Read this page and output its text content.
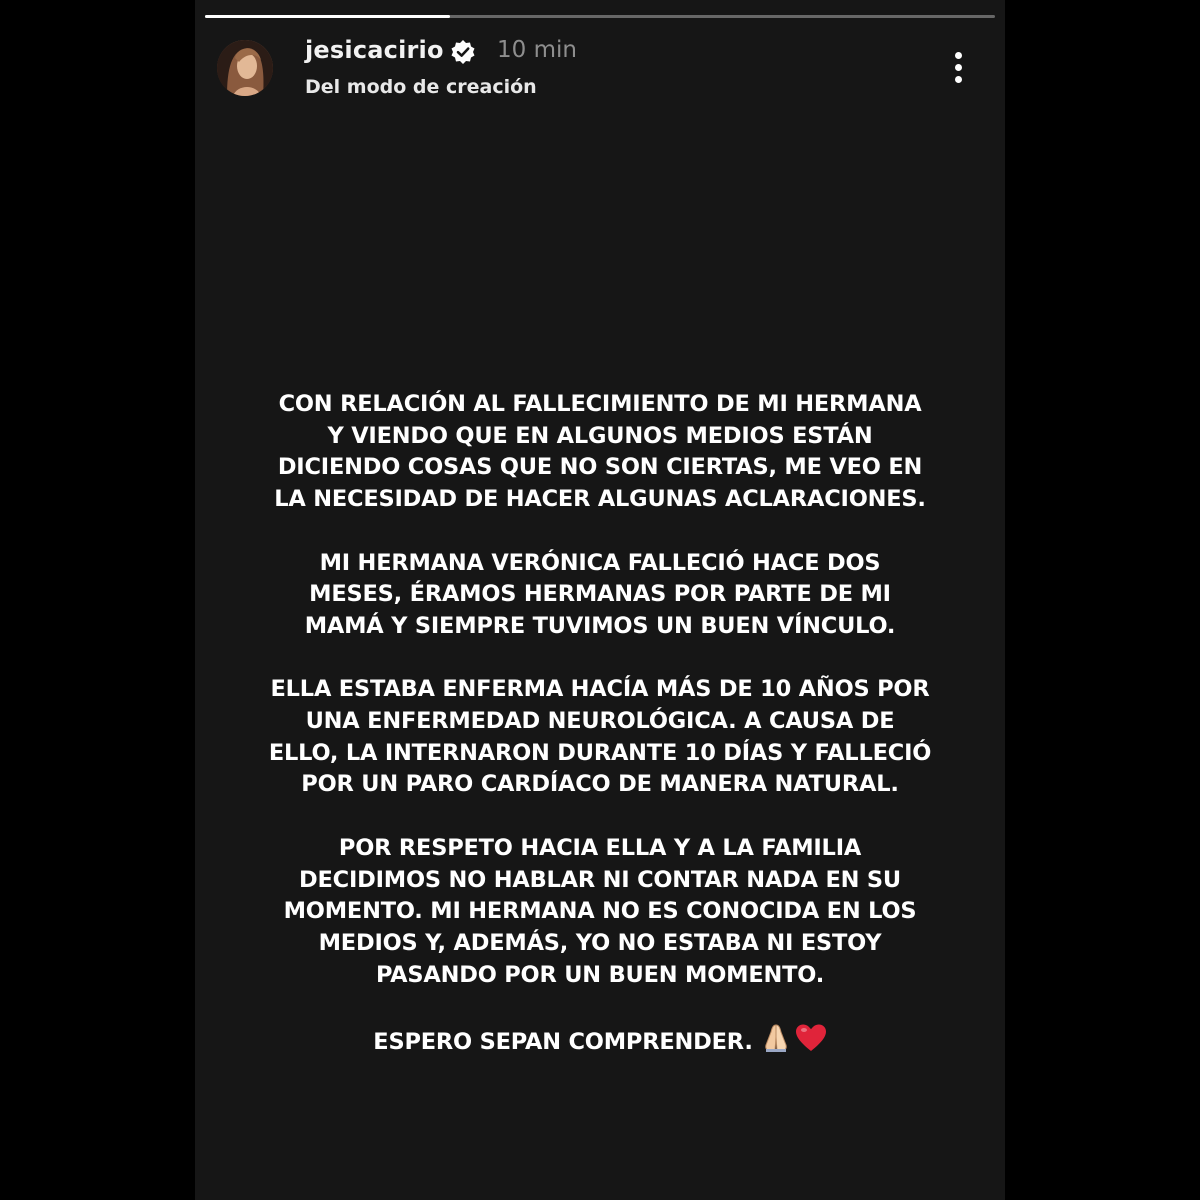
jesicacirio 10 min
Del modo de creación
CON RELACIÓN AL FALLECIMIENTO DE MI HERMANA
Y VIENDO QUE EN ALGUNOS MEDIOS ESTÁN
DICIENDO COSAS QUE NO SON CIERTAS, ME VEO EN
LA NECESIDAD DE HACER ALGUNAS ACLARACIONES.
MI HERMANA VERÓNICA FALLECIÓ HACE DOS
MESES, ÉRAMOS HERMANAS POR PARTE DE MI
MAMÁ Y SIEMPRE TUVIMOS UN BUEN VÍNCULO.
ELLA ESTABA ENFERMA HACÍA MÁS DE 10 AÑOS POR
UNA ENFERMEDAD NEUROLÓGICA. A CAUSA DE
ELLO, LA INTERNARON DURANTE 10 DÍAS Y FALLECIÓ
POR UN PARO CARDÍACO DE MANERA NATURAL.
POR RESPETO HACIA ELLA Y A LA FAMILIA
DECIDIMOS NO HABLAR NI CONTAR NADA EN SU
MOMENTO. MI HERMANA NO ES CONOCIDA EN LOS
MEDIOS Y, ADEMÁS, YO NO ESTABA NI ESTOY
PASANDO POR UN BUEN MOMENTO.
ESPERO SEPAN COMPRENDER.
